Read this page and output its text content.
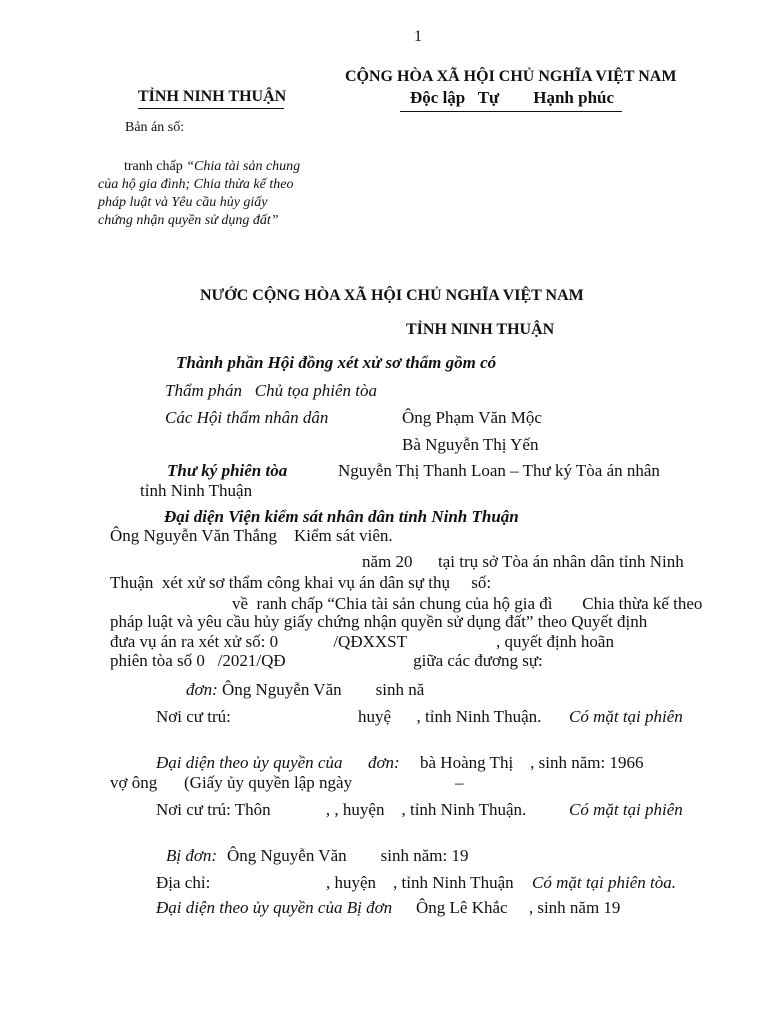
1
TỈNH NINH THUẬN
CỘNG HÒA XÃ HỘI CHỦ NGHĨA VIỆT NAM
Độc lập   Tự        Hạnh phúc
Bản án số:
tranh chấp “Chia tài sản chung
của hộ gia đình; Chia thừa kế theo
pháp luật và Yêu cầu hủy giấy
chứng nhận quyền sử dụng đất”
NƯỚC CỘNG HÒA XÃ HỘI CHỦ NGHĨA VIỆT NAM
TỈNH NINH THUẬN
Thành phần Hội đồng xét xử sơ thẩm gồm có
Thẩm phán   Chủ tọa phiên tòa
Các Hội thẩm nhân dân	Ông Phạm Văn Mộc
Bà Nguyễn Thị Yến
Thư ký phiên tòa	Nguyễn Thị Thanh Loan – Thư ký Tòa án nhân
tỉnh Ninh Thuận
Đại diện Viện kiểm sát nhân dân tỉnh Ninh Thuận
Ông Nguyễn Văn Thắng    Kiểm sát viên.
năm 20      tại trụ sở Tòa án nhân dân tỉnh Ninh
Thuận  xét xử sơ thẩm công khai vụ án dân sự thụ     số:
về  ranh chấp “Chia tài sản chung của hộ gia đì       Chia thừa kế theo
pháp luật và yêu cầu hủy giấy chứng nhận quyền sử dụng đất” theo Quyết định
đưa vụ án ra xét xử số: 0             /QĐXXST                     , quyết định hoãn
phiên tòa số 0   /2021/QĐ                              giữa các đương sự:
đơn: Ông Nguyễn Văn        sinh nă
Nơi cư trú:	huyệ      , tỉnh Ninh Thuận. Có mặt tại phiên
Đại diện theo ủy quyền của      đơn: bà Hoàng Thị    , sinh năm: 1966
vợ ông (Giấy ủy quyền lập ngày	–
Nơi cư trú: Thôn             , , huyện    , tỉnh Ninh Thuận.	Có mặt tại phiên
Bị đơn: Ông Nguyễn Văn        sinh năm: 19
Địa chỉ:	, huyện    , tỉnh Ninh Thuận Có mặt tại phiên tòa.
Đại diện theo ủy quyền của Bị đơn Ông Lê Khắc     , sinh năm 19
